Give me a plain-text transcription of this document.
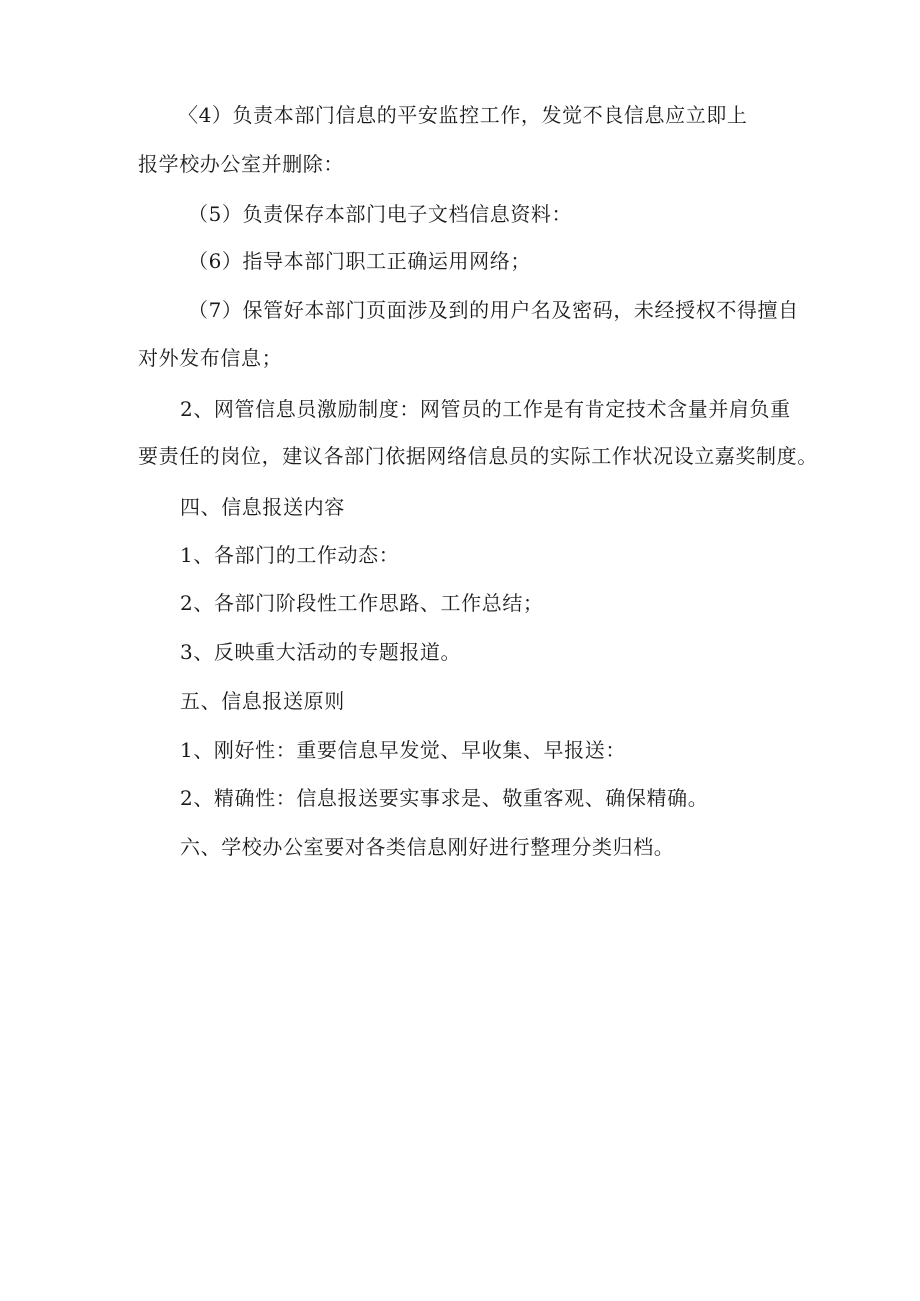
〈4）负责本部门信息的平安监控工作，发觉不良信息应立即上
报学校办公室并删除：
（5）负责保存本部门电子文档信息资料：
（6）指导本部门职工正确运用网络；
（7）保管好本部门页面涉及到的用户名及密码，未经授权不得擅自
对外发布信息；
2、网管信息员激励制度：网管员的工作是有肯定技术含量并肩负重
要责任的岗位，建议各部门依据网络信息员的实际工作状况设立嘉奖制度。
四、信息报送内容
1、各部门的工作动态：
2、各部门阶段性工作思路、工作总结；
3、反映重大活动的专题报道。
五、信息报送原则
1、刚好性：重要信息早发觉、早收集、早报送：
2、精确性：信息报送要实事求是、敬重客观、确保精确。
六、学校办公室要对各类信息刚好进行整理分类归档。
